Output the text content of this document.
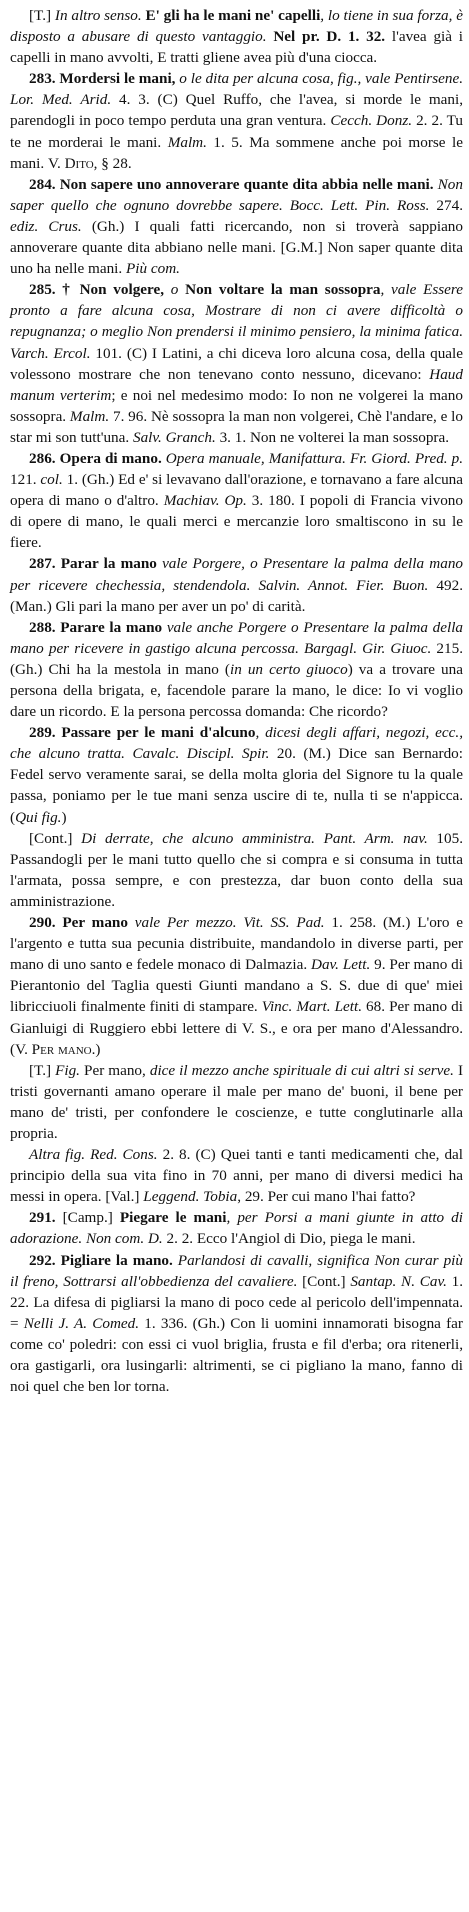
[T.] In altro senso. E' gli ha le mani ne' capelli, lo tiene in sua forza, è disposto a abusare di questo vantaggio. Nel pr. D. 1. 32. l'avea già i capelli in mano avvolti, E tratti gliene avea più d'una ciocca.

283. Mordersi le mani, o le dita per alcuna cosa, fig., vale Pentirsene. Lor. Med. Arid. 4. 3. (C) Quel Ruffo, che l'avea, si morde le mani, parendogli in poco tempo perduta una gran ventura. Cecch. Donz. 2. 2. Tu te ne morderai le mani. Malm. 1. 5. Ma sommene anche poi morse le mani. V. Dito, § 28.

284. Non sapere uno annoverare quante dita abbia nelle mani. Non saper quello che ognuno dovrebbe sapere. Bocc. Lett. Pin. Ross. 274. ediz. Crus. (Gh.) I quali fatti ricercando, non si troverà sappiano annoverare quante dita abbiano nelle mani. [G.M.] Non saper quante dita uno ha nelle mani. Più com.

285. † Non volgere, o Non voltare la man sossopra, vale Essere pronto a fare alcuna cosa, Mostrare di non ci avere difficoltà o repugnanza; o meglio Non prendersi il minimo pensiero, la minima fatica. Varch. Ercol. 101. (C) I Latini, a chi diceva loro alcuna cosa, della quale volessono mostrare che non tenevano conto nessuno, dicevano: Haud manum verterim; e noi nel medesimo modo: Io non ne volgerei la mano sossopra. Malm. 7. 96. Nè sossopra la man non volgerei, Chè l'andare, e lo star mi son tutt'una. Salv. Granch. 3. 1. Non ne volterei la man sossopra.

286. Opera di mano. Opera manuale, Manifattura. Fr. Giord. Pred. p. 121. col. 1. (Gh.) Ed e' si levavano dall'orazione, e tornavano a fare alcuna opera di mano o d'altro. Machiav. Op. 3. 180. I popoli di Francia vivono di opere di mano, le quali merci e mercanzie loro smaltiscono in su le fiere.

287. Parar la mano vale Porgere, o Presentare la palma della mano per ricevere chechessia, stendendola. Salvin. Annot. Fier. Buon. 492. (Man.) Gli pari la mano per aver un po' di carità.

288. Parare la mano vale anche Porgere o Presentare la palma della mano per ricevere in gastigo alcuna percossa. Bargagl. Gir. Giuoc. 215. (Gh.) Chi ha la mestola in mano (in un certo giuoco) va a trovare una persona della brigata, e, facendole parare la mano, le dice: Io vi voglio dare un ricordo. E la persona percossa domanda: Che ricordo?

289. Passare per le mani d'alcuno, dicesi degli affari, negozi, ecc., che alcuno tratta. Cavalc. Discipl. Spir. 20. (M.) Dice san Bernardo: Fedel servo veramente sarai, se della molta gloria del Signore tu la quale passa, poniamo per le tue mani senza uscire di te, nulla ti se n'appicca. (Qui fig.)

[Cont.] Di derrate, che alcuno amministra. Pant. Arm. nav. 105. Passandogli per le mani tutto quello che si compra e si consuma in tutta l'armata, possa sempre, e con prestezza, dar buon conto della sua amministrazione.

290. Per mano vale Per mezzo. Vit. SS. Pad. 1. 258. (M.) L'oro e l'argento e tutta sua pecunia distribuite, mandandolo in diverse parti, per mano di uno santo e fedele monaco di Dalmazia. Dav. Lett. 9. Per mano di Pierantonio del Taglia questi Giunti mandano a S. S. due di que' miei libricciuoli finalmente finiti di stampare. Vinc. Mart. Lett. 68. Per mano di Gianluigi di Ruggiero ebbi lettere di V. S., e ora per mano d'Alessandro. (V. Per mano.)

[T.] Fig. Per mano, dice il mezzo anche spirituale di cui altri si serve. I tristi governanti amano operare il male per mano de' buoni, il bene per mano de' tristi, per confondere le coscienze, e tutte conglutinarle alla propria.

Altra fig. Red. Cons. 2. 8. (C) Quei tanti e tanti medicamenti che, dal principio della sua vita fino in 70 anni, per mano di diversi medici ha messi in opera. [Val.] Leggend. Tobia, 29. Per cui mano l'hai fatto?

291. [Camp.] Piegare le mani, per Porsi a mani giunte in atto di adorazione. Non com. D. 2. 2. Ecco l'Angiol di Dio, piega le mani.

292. Pigliare la mano. Parlandosi di cavalli, significa Non curar più il freno, Sottrarsi all'obbedienza del cavaliere. [Cont.] Santap. N. Cav. 1. 22. La difesa di pigliarsi la mano di poco cede al pericolo dell'impennata. = Nelli J. A. Comed. 1. 336. (Gh.) Con li uomini innamorati bisogna far come co' poledri: con essi ci vuol briglia, frusta e fil d'erba; ora ritenerli, ora gastigarli, ora lusingarli: altrimenti, se ci pigliano la mano, fanno di noi quel che ben lor torna.
